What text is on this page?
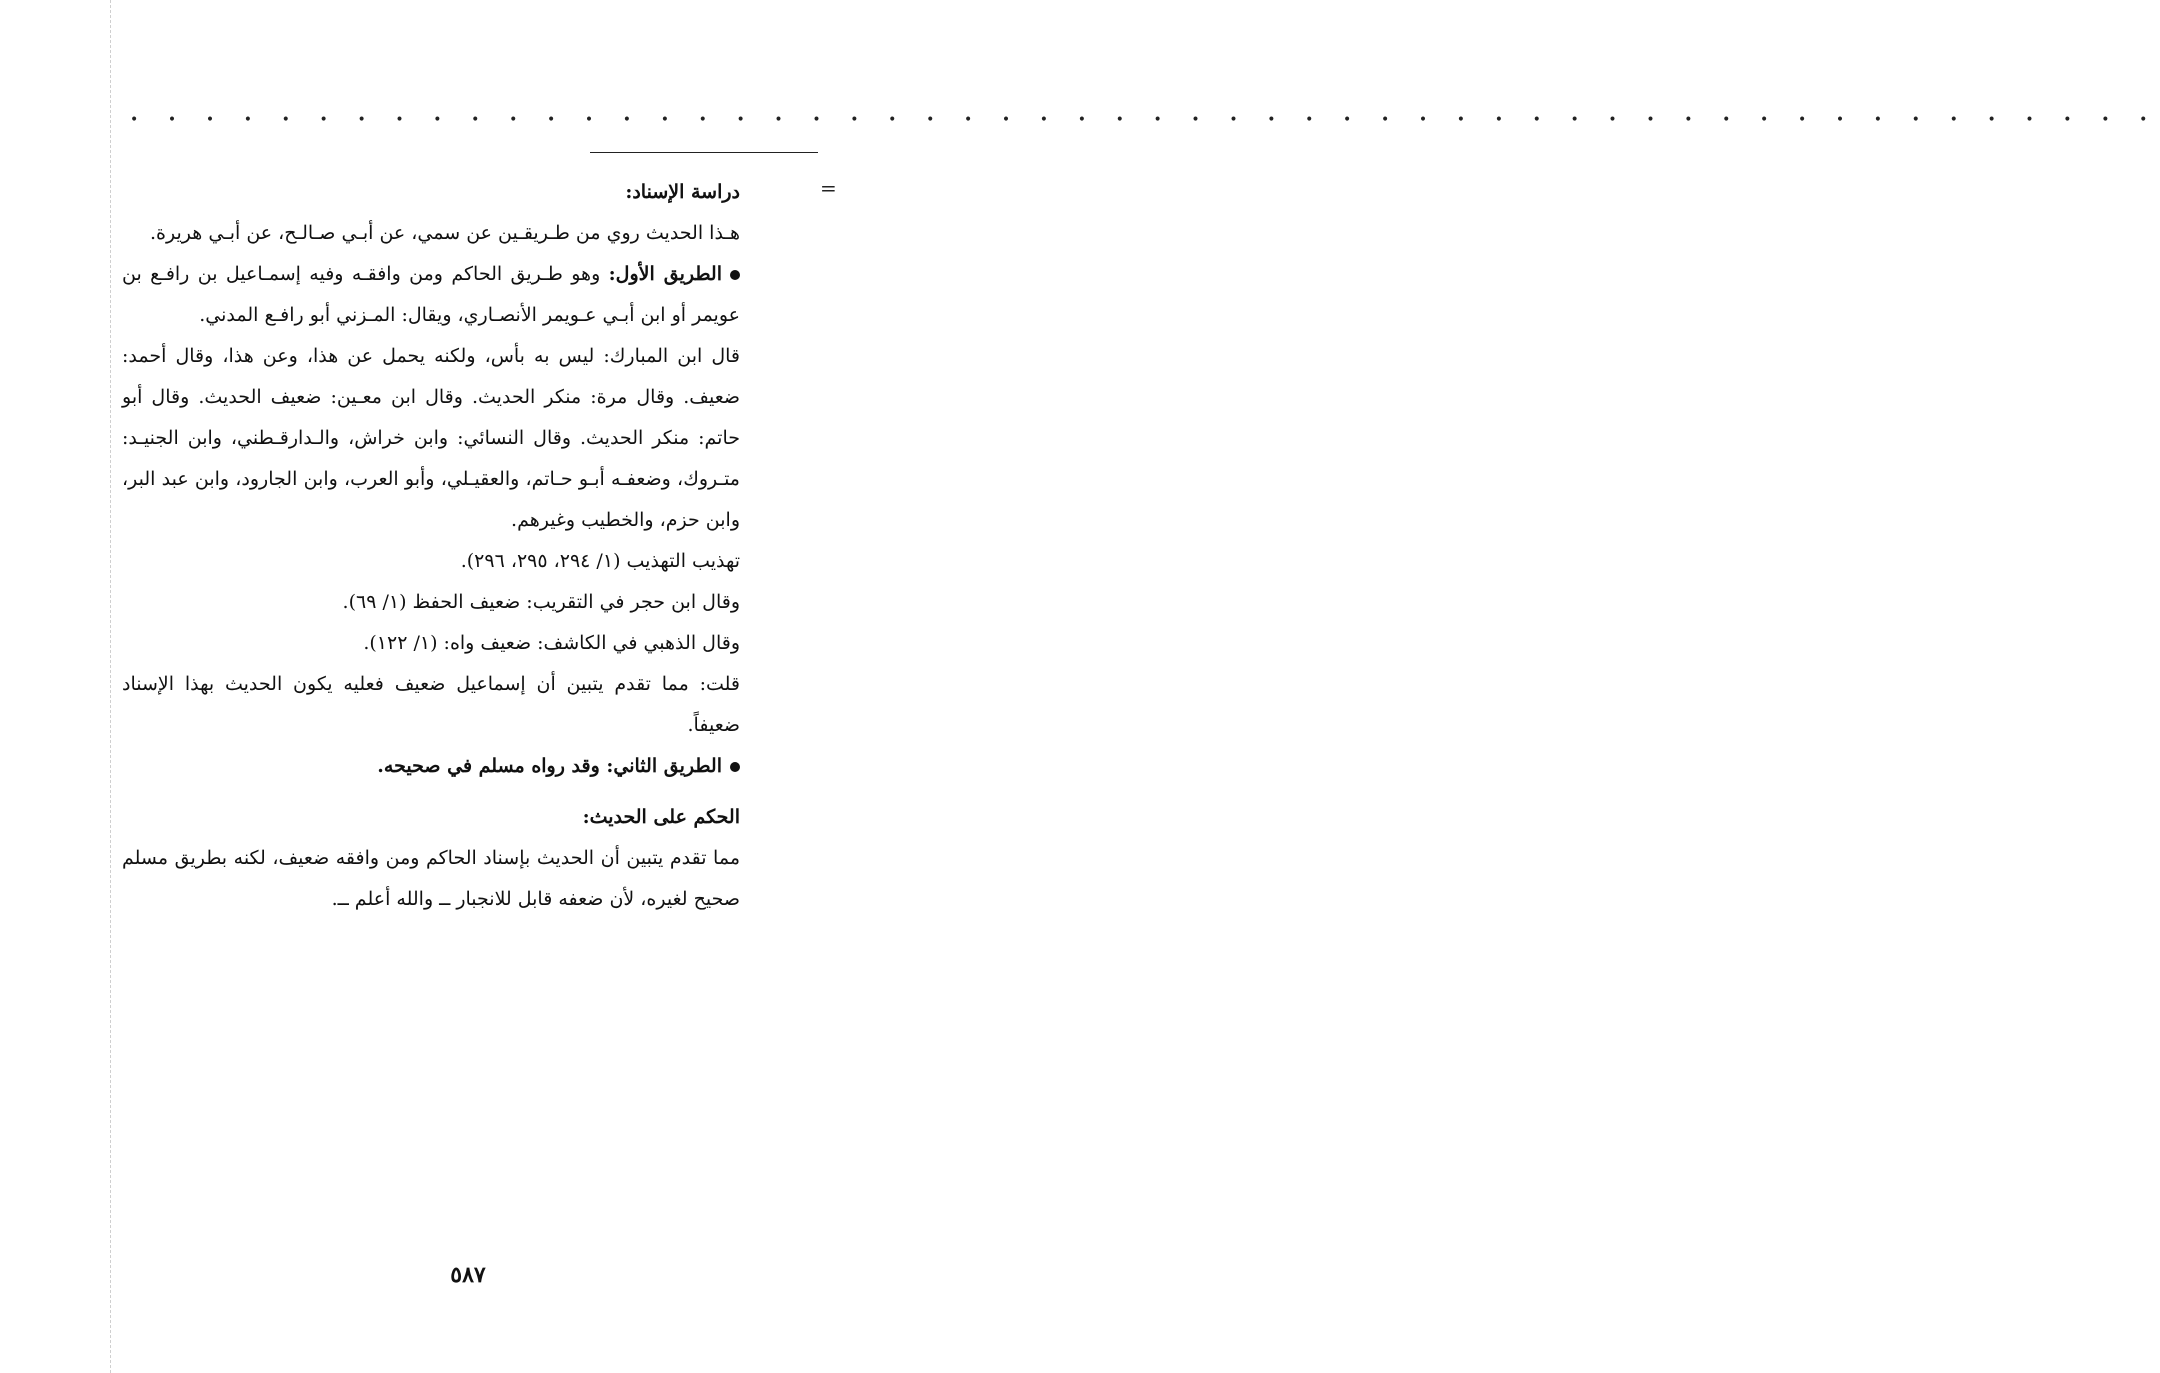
• • • • • • • • • • • • • • • • • • • • • • • • • • • • • • • • • • • • • • • • • • • • • • • • • • • • • •
=

دراسة الإسناد:

هـذا الحديث روي من طـريقـين عن سمي، عن أبـي صـالـح، عن أبـي هريرة.

الطريق الأول: وهو طـريق الحاكم ومن وافقـه وفيه إسمـاعيل بن رافـع بن عويمر أو ابن أبـي عـويمر الأنصـاري، ويقال: المـزني أبو رافـع المدني.

قال ابن المبارك: ليس به بأس، ولكنه يحمل عن هذا، وعن هذا، وقال أحمد: ضعيف. وقال مرة: منكر الحديث. وقال ابن معـين: ضعيف الحديث. وقال أبو حاتم: منكر الحديث. وقال النسائي: وابن خراش، والـدارقـطني، وابن الجنيـد: متـروك، وضعفـه أبـو حـاتم، والعقيـلي، وأبو العرب، وابن الجارود، وابن عبد البر، وابن حزم، والخطيب وغيرهم.

تهذيب التهذيب (١/ ٢٩٤، ٢٩٥، ٢٩٦).

وقال ابن حجر في التقريب: ضعيف الحفظ (١/ ٦٩).

وقال الذهبي في الكاشف: ضعيف واه: (١/ ١٢٢).

قلت: مما تقدم يتبين أن إسماعيل ضعيف فعليه يكون الحديث بهذا الإسناد ضعيفاً.

الطريق الثاني: وقد رواه مسلم في صحيحه.

الحكم على الحديث:

مما تقدم يتبين أن الحديث بإسناد الحاكم ومن وافقه ضعيف، لكنه بطريق مسلم صحيح لغيره، لأن ضعفه قابل للانجبار ــ والله أعلم ــ.

٥٨٧
